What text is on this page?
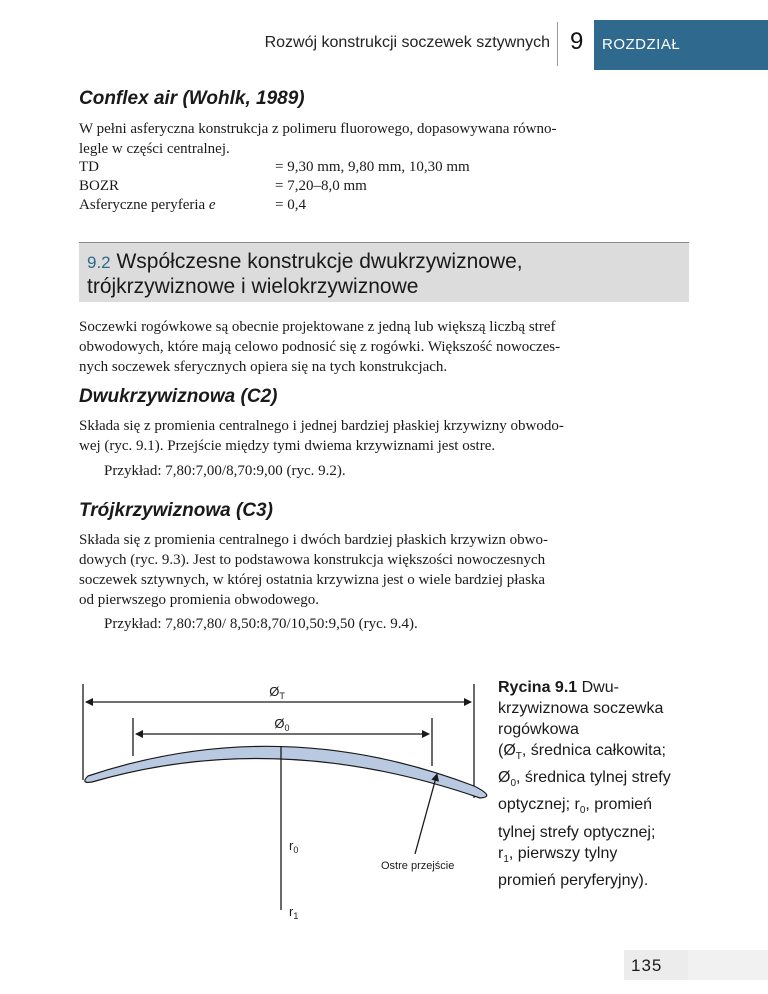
Rozwój konstrukcji soczewek sztywnych 9	ROZDZIAŁ
Conflex air (Wohlk, 1989)

W pełni asferyczna konstrukcja z polimeru fluorowego, dopasowywana równo-

legle w części centralnej.

TD	= 9,30 mm, 9,80 mm, 10,30 mm
BOZR	= 7,20–8,0 mm
Asferyczne peryferia e	= 0,4
9.2 Współczesne konstrukcje dwukrzywiznowe,
trójkrzywiznowe i wielokrzywiznowe

Soczewki rogówkowe są obecnie projektowane z jedną lub większą liczbą stref

obwodowych, które mają celowo podnosić się z rogówki. Większość nowoczes-

nych soczewek sferycznych opiera się na tych konstrukcjach.

Dwukrzywiznowa (C2)

Składa się z promienia centralnego i jednej bardziej płaskiej krzywizny obwodo-

wej (ryc. 9.1). Przejście między tymi dwiema krzywiznami jest ostre.

Przykład: 7,80:7,00/8,70:9,00 (ryc. 9.2).
Trójkrzywiznowa (C3)

Składa się z promienia centralnego i dwóch bardziej płaskich krzywizn obwo-

dowych (ryc. 9.3). Jest to podstawowa konstrukcja większości nowoczesnych

soczewek sztywnych, w której ostatnia krzywizna jest o wiele bardziej płaska

od pierwszego promienia obwodowego.

Przykład: 7,80:7,80/ 8,50:8,70/10,50:9,50 (ryc. 9.4).
$Ø_T$
$Ø_0$
$r_0$
$r_1$
Ostre przejście
Rycina 9.1 Dwu-
krzywiznowa soczewka
rogówkowa
($Ø_T$, średnica całkowita;
$Ø_0$, średnica tylnej strefy
optycznej; $r_0$, promień
tylnej strefy optycznej;
$r_1$, pierwszy tylny
promień peryferyjny).
135
